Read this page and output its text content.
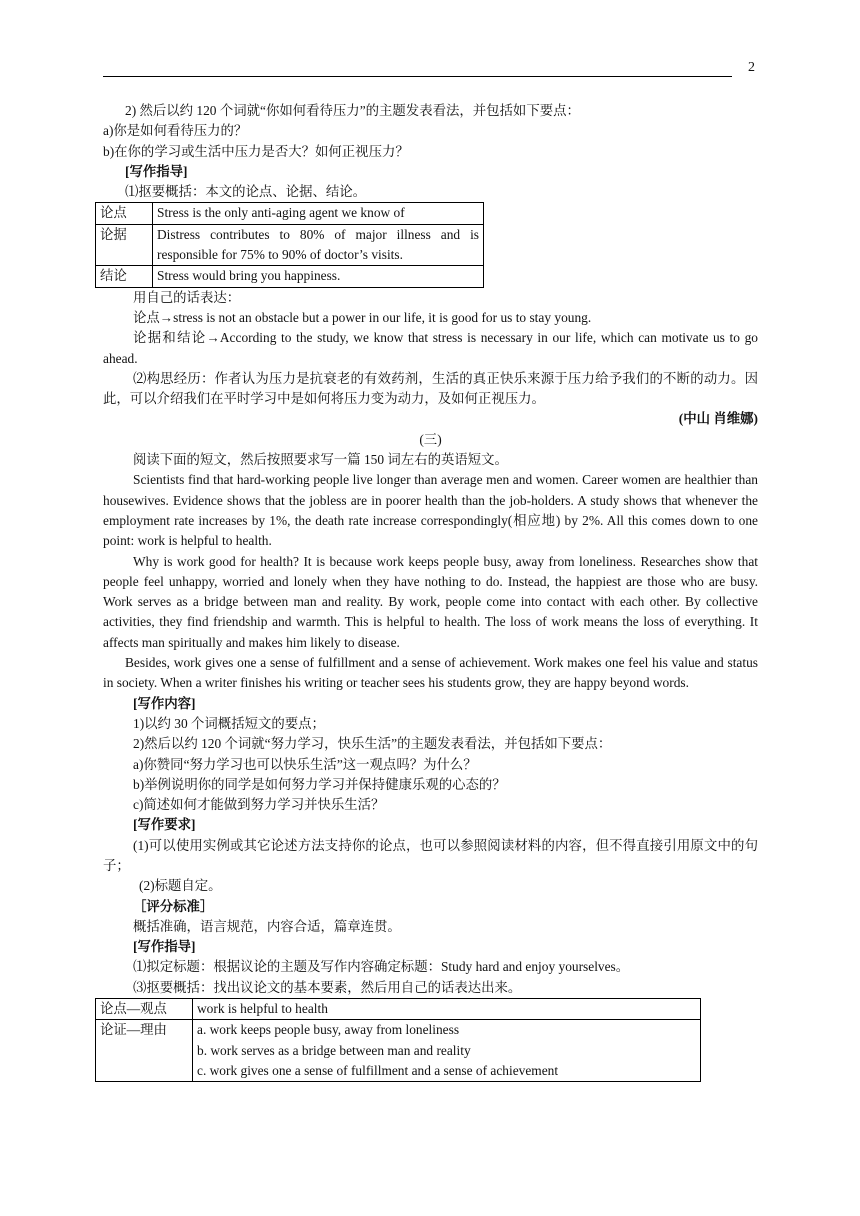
2

2) 然后以约 120 个词就“你如何看待压力”的主题发表看法，并包括如下要点：

a)你是如何看待压力的？

b)在你的学习或生活中压力是否大？如何正视压力？

[写作指导]

⑴抠要概括：本文的论点、论据、结论。

论点	Stress is the only anti-aging agent we know of
论据	Distress contributes to 80% of major illness and is responsible for 75% to 90% of doctor’s visits.
结论	Stress would bring you happiness.

用自己的话表达：

论点→stress is not an obstacle but a power in our life, it is good for us to stay young.

论据和结论→According to the study, we know that stress is necessary in our life, which can motivate us to go ahead.

⑵构思经历：作者认为压力是抗衰老的有效药剂，生活的真正快乐来源于压力给予我们的不断的动力。因此，可以介绍我们在平时学习中是如何将压力变为动力，及如何正视压力。

(中山 肖维娜)

(三)

阅读下面的短文，然后按照要求写一篇 150 词左右的英语短文。

Scientists find that hard-working people live longer than average men and women. Career women are healthier than housewives. Evidence shows that the jobless are in poorer health than the job-holders. A study shows that whenever the employment rate increases by 1%, the death rate increase correspondingly(相应地) by 2%. All this comes down to one point: work is helpful to health.

Why is work good for health? It is because work keeps people busy, away from loneliness. Researches show that people feel unhappy, worried and lonely when they have nothing to do. Instead, the happiest are those who are busy. Work serves as a bridge between man and reality. By work, people come into contact with each other. By collective activities, they find friendship and warmth. This is helpful to health. The loss of work means the loss of everything. It affects man spiritually and makes him likely to disease.

Besides, work gives one a sense of fulfillment and a sense of achievement. Work makes one feel his value and status in society. When a writer finishes his writing or teacher sees his students grow, they are happy beyond words.

[写作内容]

1)以约 30 个词概括短文的要点；

2)然后以约 120 个词就“努力学习，快乐生活”的主题发表看法，并包括如下要点：

a)你赞同“努力学习也可以快乐生活”这一观点吗？为什么？

b)举例说明你的同学是如何努力学习并保持健康乐观的心态的？

c)简述如何才能做到努力学习并快乐生活？

[写作要求]

(1)可以使用实例或其它论述方法支持你的论点，也可以参照阅读材料的内容，但不得直接引用原文中的句子；

(2)标题自定。

［评分标准］

概括准确，语言规范，内容合适，篇章连贯。

[写作指导]

⑴拟定标题：根据议论的主题及写作内容确定标题：Study hard and enjoy yourselves。

⑶抠要概括：找出议论文的基本要素，然后用自己的话表达出来。

论点—观点	work is helpful to health
论证—理由	a. work keeps people busy, away from loneliness
b. work serves as a bridge between man and reality
c. work gives one a sense of fulfillment and a sense of achievement
